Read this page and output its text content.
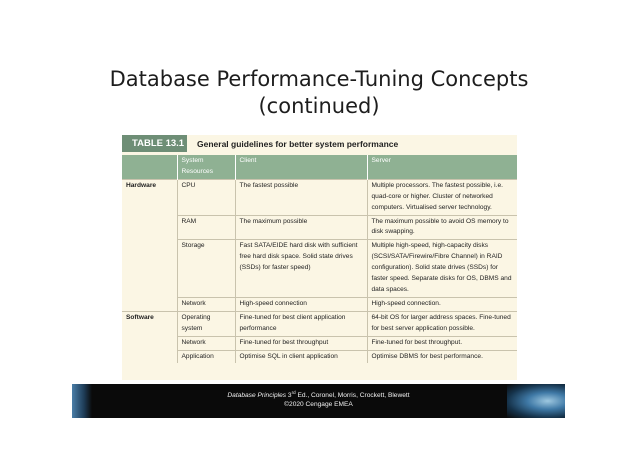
Database Performance-Tuning Concepts
(continued)
TABLE 13.1	General guidelines for better system performance
	System Resources	Client	Server
Hardware	CPU	The fastest possible	Multiple processors. The fastest possible, i.e. quad-core or higher. Cluster of networked computers. Virtualised server technology.
	RAM	The maximum possible	The maximum possible to avoid OS memory to disk swapping.
	Storage	Fast SATA/EIDE hard disk with sufficient free hard disk space. Solid state drives (SSDs) for faster speed)	Multiple high-speed, high-capacity disks (SCSI/SATA/Firewire/Fibre Channel) in RAID configuration). Solid state drives (SSDs) for faster speed. Separate disks for OS, DBMS and data spaces.
	Network	High-speed connection	High-speed connection.
Software	Operating system	Fine-tuned for best client application performance	64-bit OS for larger address spaces. Fine-tuned for best server application possible.
	Network	Fine-tuned for best throughput	Fine-tuned for best throughput.
	Application	Optimise SQL in client application	Optimise DBMS for best performance.
Database Principles 3rd Ed., Coronel, Morris, Crockett, Blewett
©2020 Cengage EMEA
